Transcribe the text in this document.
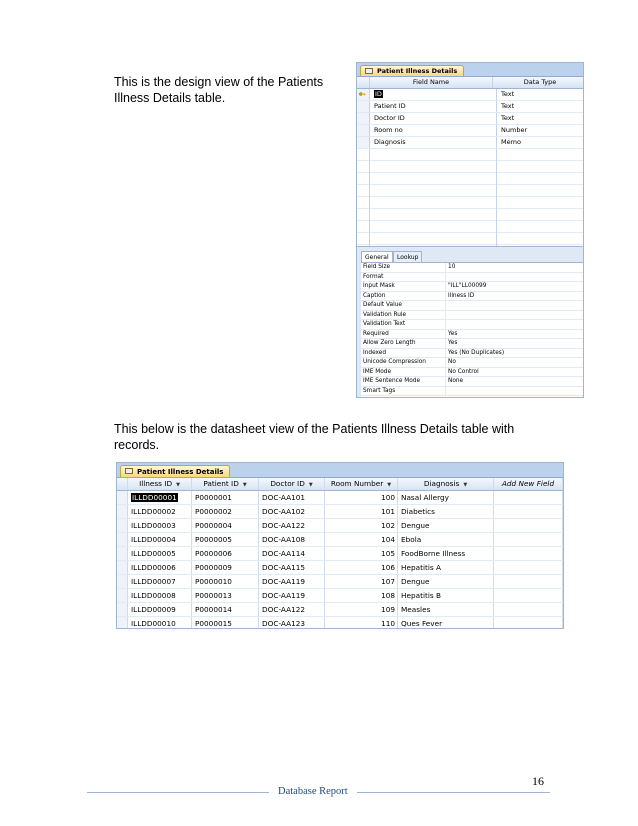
This is the design view of the Patients Illness Details table.
Patient Illness Details
Field Name	Data Type
ID	Text
Patient ID	Text
Doctor ID	Text
Room no	Number
Diagnosis	Memo
General	Lookup
Field Size	10
Format
Input Mask	"ILL"LL00099
Caption	Illness ID
Default Value
Validation Rule
Validation Text
Required	Yes
Allow Zero Length	Yes
Indexed	Yes (No Duplicates)
Unicode Compression	No
IME Mode	No Control
IME Sentence Mode	None
Smart Tags
This below is the datasheet view of the Patients Illness Details table with records.
Patient Illness Details
Illness ID ▼	Patient ID ▼	Doctor ID ▼	Room Number ▼	Diagnosis ▼	Add New Field
ILLDD00001	P0000001	DOC-AA101	100 Nasal Allergy
ILLDD00002	P0000002	DOC-AA102	101 Diabetics
ILLDD00003	P0000004	DOC-AA122	102 Dengue
ILLDD00004	P0000005	DOC-AA108	104 Ebola
ILLDD00005	P0000006	DOC-AA114	105 FoodBorne Illness
ILLDD00006	P0000009	DOC-AA115	106 Hepatitis A
ILLDD00007	P0000010	DOC-AA119	107 Dengue
ILLDD00008	P0000013	DOC-AA119	108 Hepatitis B
ILLDD00009	P0000014	DOC-AA122	109 Measles
ILLDD00010	P0000015	DOC-AA123	110 Ques Fever
16
Database Report
